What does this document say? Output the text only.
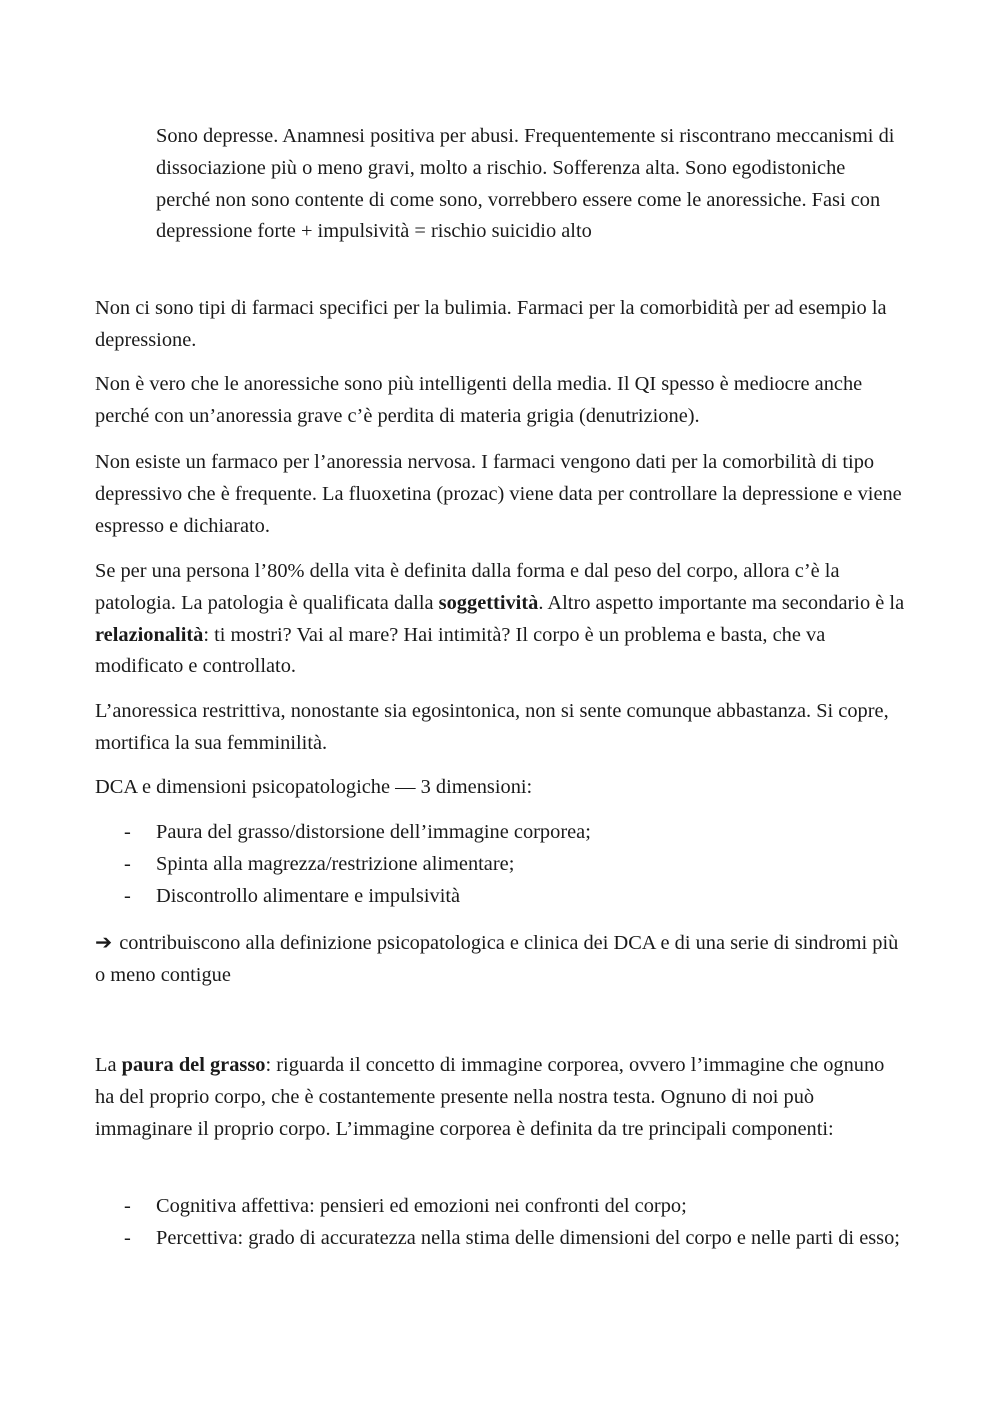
Sono depresse. Anamnesi positiva per abusi. Frequentemente si riscontrano meccanismi di dissociazione più o meno gravi, molto a rischio. Sofferenza alta. Sono egodistoniche perché non sono contente di come sono, vorrebbero essere come le anoressiche. Fasi con depressione forte + impulsività = rischio suicidio alto

Non ci sono tipi di farmaci specifici per la bulimia. Farmaci per la comorbidità per ad esempio la depressione.

Non è vero che le anoressiche sono più intelligenti della media. Il QI spesso è mediocre anche perché con un’anoressia grave c’è perdita di materia grigia (denutrizione).

Non esiste un farmaco per l’anoressia nervosa. I farmaci vengono dati per la comorbilità di tipo depressivo che è frequente. La fluoxetina (prozac) viene data per controllare la depressione e viene espresso e dichiarato.

Se per una persona l’80% della vita è definita dalla forma e dal peso del corpo, allora c’è la patologia. La patologia è qualificata dalla soggettività. Altro aspetto importante ma secondario è la relazionalità: ti mostri? Vai al mare? Hai intimità? Il corpo è un problema e basta, che va modificato e controllato.

L’anoressica restrittiva, nonostante sia egosintonica, non si sente comunque abbastanza. Si copre, mortifica la sua femminilità.

DCA e dimensioni psicopatologiche — 3 dimensioni:

- Paura del grasso/distorsione dell’immagine corporea;
- Spinta alla magrezza/restrizione alimentare;
- Discontrollo alimentare e impulsività

➔ contribuiscono alla definizione psicopatologica e clinica dei DCA e di una serie di sindromi più o meno contigue

La paura del grasso: riguarda il concetto di immagine corporea, ovvero l’immagine che ognuno ha del proprio corpo, che è costantemente presente nella nostra testa. Ognuno di noi può immaginare il proprio corpo. L’immagine corporea è definita da tre principali componenti:

- Cognitiva affettiva: pensieri ed emozioni nei confronti del corpo;
- Percettiva: grado di accuratezza nella stima delle dimensioni del corpo e nelle parti di esso;
